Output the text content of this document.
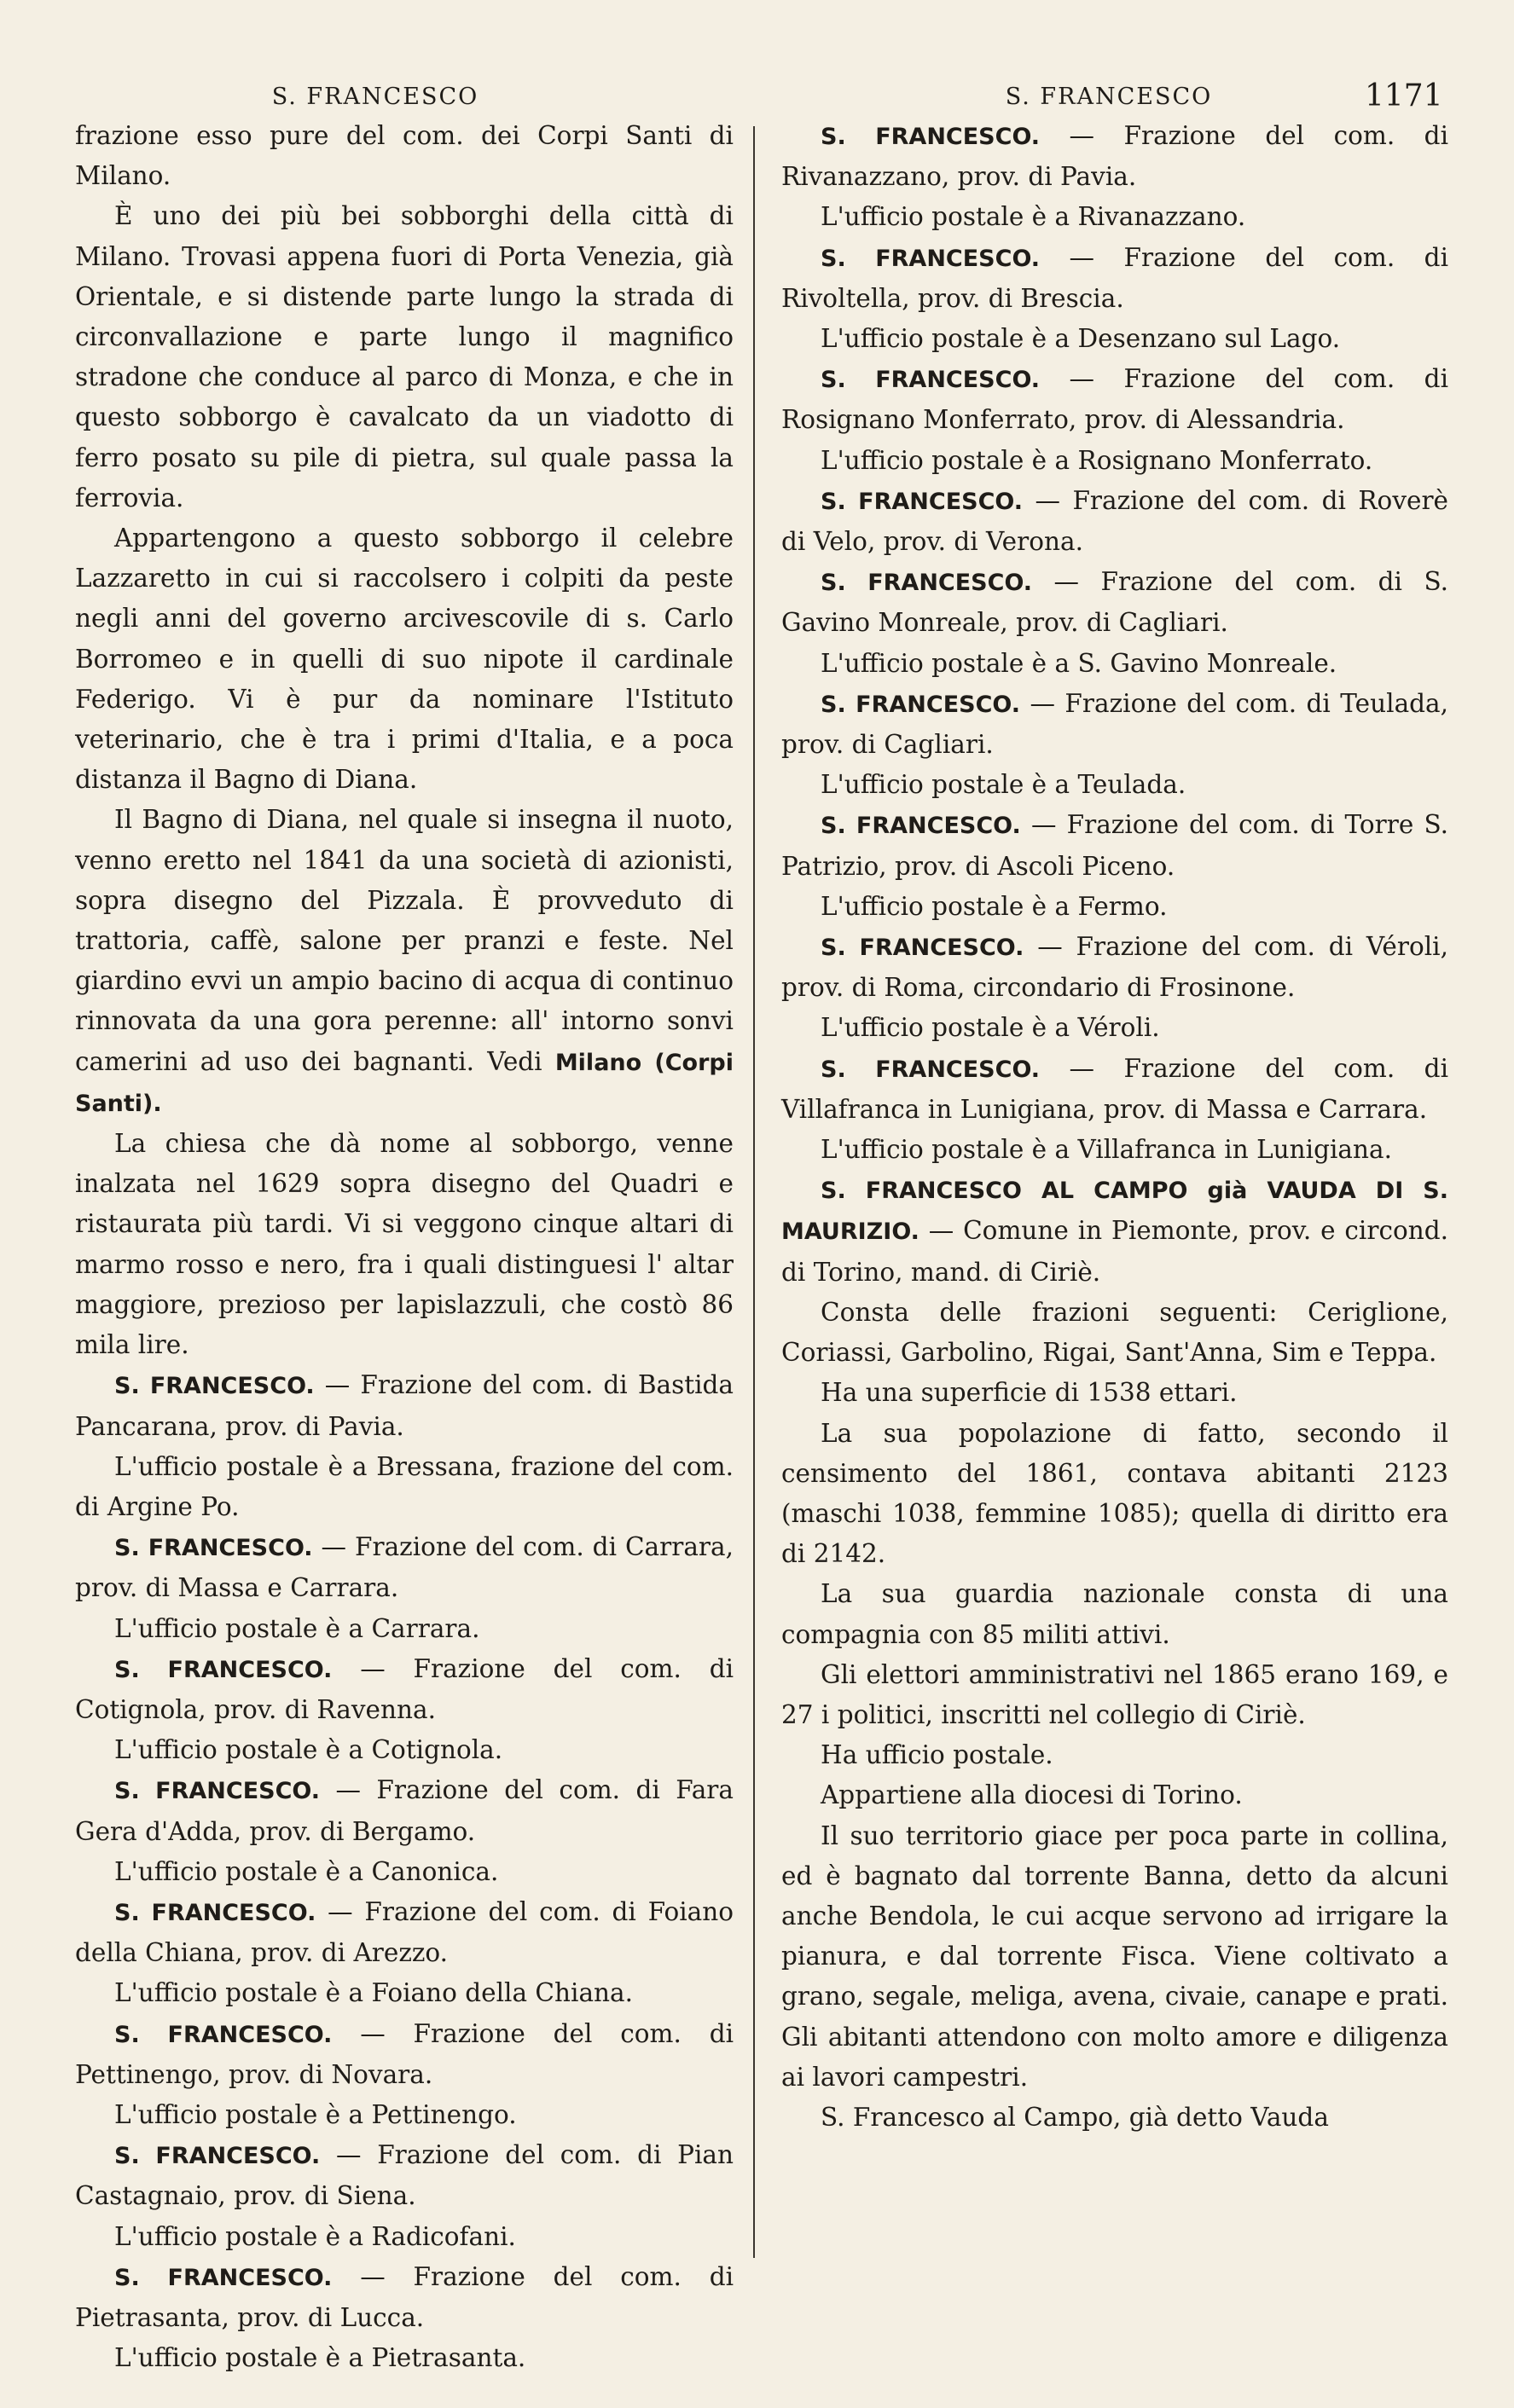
S. FRANCESCO	S. FRANCESCO	1171

frazione esso pure del com. dei Corpi Santi di Milano.

È uno dei più bei sobborghi della città di Milano. Trovasi appena fuori di Porta Venezia, già Orientale, e si distende parte lungo la strada di circonvallazione e parte lungo il magnifico stradone che conduce al parco di Monza, e che in questo sobborgo è cavalcato da un viadotto di ferro posato su pile di pietra, sul quale passa la ferrovia.

Appartengono a questo sobborgo il celebre Lazzaretto in cui si raccolsero i colpiti da peste negli anni del governo arcivescovile di s. Carlo Borromeo e in quelli di suo nipote il cardinale Federigo. Vi è pur da nominare l'Istituto veterinario, che è tra i primi d'Italia, e a poca distanza il Bagno di Diana.

Il Bagno di Diana, nel quale si insegna il nuoto, venno eretto nel 1841 da una società di azionisti, sopra disegno del Pizzala. È provveduto di trattoria, caffè, salone per pranzi e feste. Nel giardino evvi un ampio bacino di acqua di continuo rinnovata da una gora perenne: all' intorno sonvi camerini ad uso dei bagnanti. Vedi Milano (Corpi Santi).

La chiesa che dà nome al sobborgo, venne inalzata nel 1629 sopra disegno del Quadri e ristaurata più tardi. Vi si veggono cinque altari di marmo rosso e nero, fra i quali distinguesi l' altar maggiore, prezioso per lapislazzuli, che costò 86 mila lire.

S. FRANCESCO. — Frazione del com. di Bastida Pancarana, prov. di Pavia.

L'ufficio postale è a Bressana, frazione del com. di Argine Po.

S. FRANCESCO. — Frazione del com. di Carrara, prov. di Massa e Carrara.

L'ufficio postale è a Carrara.

S. FRANCESCO. — Frazione del com. di Cotignola, prov. di Ravenna.

L'ufficio postale è a Cotignola.

S. FRANCESCO. — Frazione del com. di Fara Gera d'Adda, prov. di Bergamo.

L'ufficio postale è a Canonica.

S. FRANCESCO. — Frazione del com. di Foiano della Chiana, prov. di Arezzo.

L'ufficio postale è a Foiano della Chiana.

S. FRANCESCO. — Frazione del com. di Pettinengo, prov. di Novara.

L'ufficio postale è a Pettinengo.

S. FRANCESCO. — Frazione del com. di Pian Castagnaio, prov. di Siena.

L'ufficio postale è a Radicofani.

S. FRANCESCO. — Frazione del com. di Pietrasanta, prov. di Lucca.

L'ufficio postale è a Pietrasanta.

S. FRANCESCO. — Frazione del com. di Rivanazzano, prov. di Pavia.

L'ufficio postale è a Rivanazzano.

S. FRANCESCO. — Frazione del com. di Rivoltella, prov. di Brescia.

L'ufficio postale è a Desenzano sul Lago.

S. FRANCESCO. — Frazione del com. di Rosignano Monferrato, prov. di Alessandria.

L'ufficio postale è a Rosignano Monferrato.

S. FRANCESCO. — Frazione del com. di Roverè di Velo, prov. di Verona.

S. FRANCESCO. — Frazione del com. di S. Gavino Monreale, prov. di Cagliari.

L'ufficio postale è a S. Gavino Monreale.

S. FRANCESCO. — Frazione del com. di Teulada, prov. di Cagliari.

L'ufficio postale è a Teulada.

S. FRANCESCO. — Frazione del com. di Torre S. Patrizio, prov. di Ascoli Piceno.

L'ufficio postale è a Fermo.

S. FRANCESCO. — Frazione del com. di Véroli, prov. di Roma, circondario di Frosinone.

L'ufficio postale è a Véroli.

S. FRANCESCO. — Frazione del com. di Villafranca in Lunigiana, prov. di Massa e Carrara.

L'ufficio postale è a Villafranca in Lunigiana.

S. FRANCESCO AL CAMPO già VAUDA DI S. MAURIZIO. — Comune in Piemonte, prov. e circond. di Torino, mand. di Ciriè.

Consta delle frazioni seguenti: Ceriglione, Coriassi, Garbolino, Rigai, Sant'Anna, Sim e Teppa.

Ha una superficie di 1538 ettari.

La sua popolazione di fatto, secondo il censimento del 1861, contava abitanti 2123 (maschi 1038, femmine 1085); quella di diritto era di 2142.

La sua guardia nazionale consta di una compagnia con 85 militi attivi.

Gli elettori amministrativi nel 1865 erano 169, e 27 i politici, inscritti nel collegio di Ciriè.

Ha ufficio postale.

Appartiene alla diocesi di Torino.

Il suo territorio giace per poca parte in collina, ed è bagnato dal torrente Banna, detto da alcuni anche Bendola, le cui acque servono ad irrigare la pianura, e dal torrente Fisca. Viene coltivato a grano, segale, meliga, avena, civaie, canape e prati. Gli abitanti attendono con molto amore e diligenza ai lavori campestri.

S. Francesco al Campo, già detto Vauda
